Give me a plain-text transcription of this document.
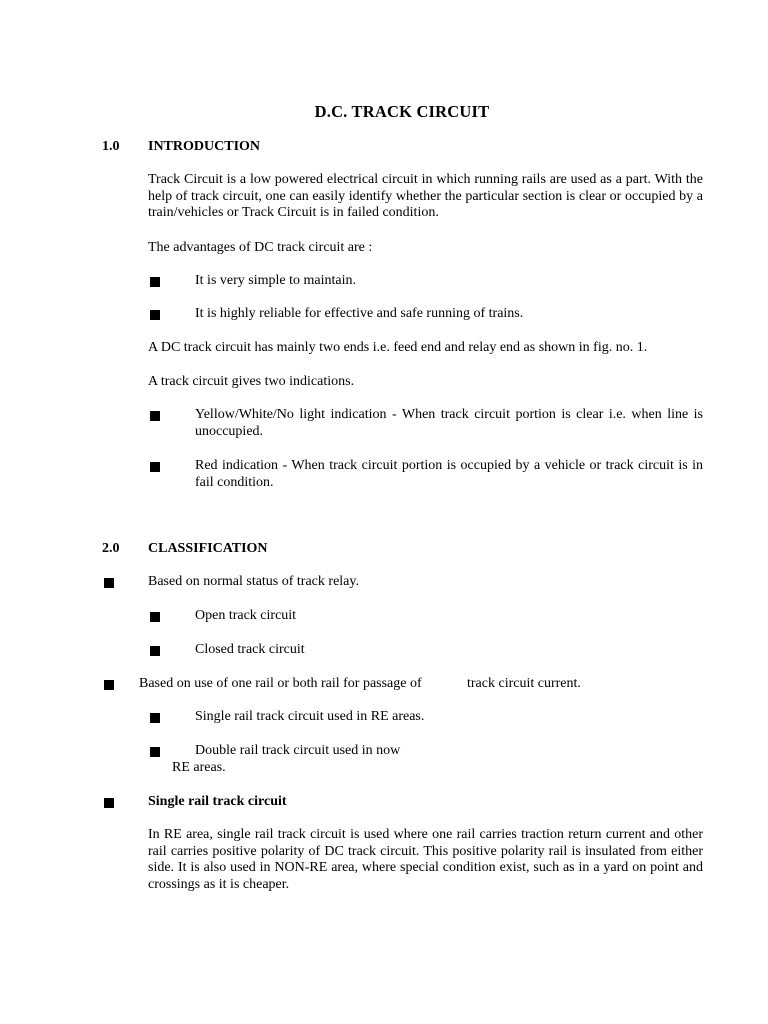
D.C. TRACK CIRCUIT
1.0 INTRODUCTION
Track Circuit is a low powered electrical circuit in which running rails are used as a part. With the help of track circuit, one can easily identify whether the particular section is clear or occupied by a train/vehicles or Track Circuit is in failed condition.
The advantages of DC track circuit are :
It is very simple to maintain.
It is highly reliable for effective and safe running of trains.
A DC track circuit has mainly two ends i.e. feed end and relay end as shown in fig. no. 1.
A track circuit gives two indications.
Yellow/White/No light indication - When track circuit portion is clear i.e. when line is unoccupied.
Red indication - When track circuit portion is occupied by a vehicle or track circuit is in fail condition.
2.0 CLASSIFICATION
Based on normal status of track relay.
Open track circuit
Closed track circuit
Based on use of one rail or both rail for passage of	track circuit current.
Single rail track circuit used in RE areas.
Double rail track circuit used in now
RE areas.
Single rail track circuit
In RE area, single rail track circuit is used where one rail carries traction return current and other rail carries positive polarity of DC track circuit. This positive polarity rail is insulated from either side. It is also used in NON-RE area, where special condition exist, such as in a yard on point and crossings as it is cheaper.
